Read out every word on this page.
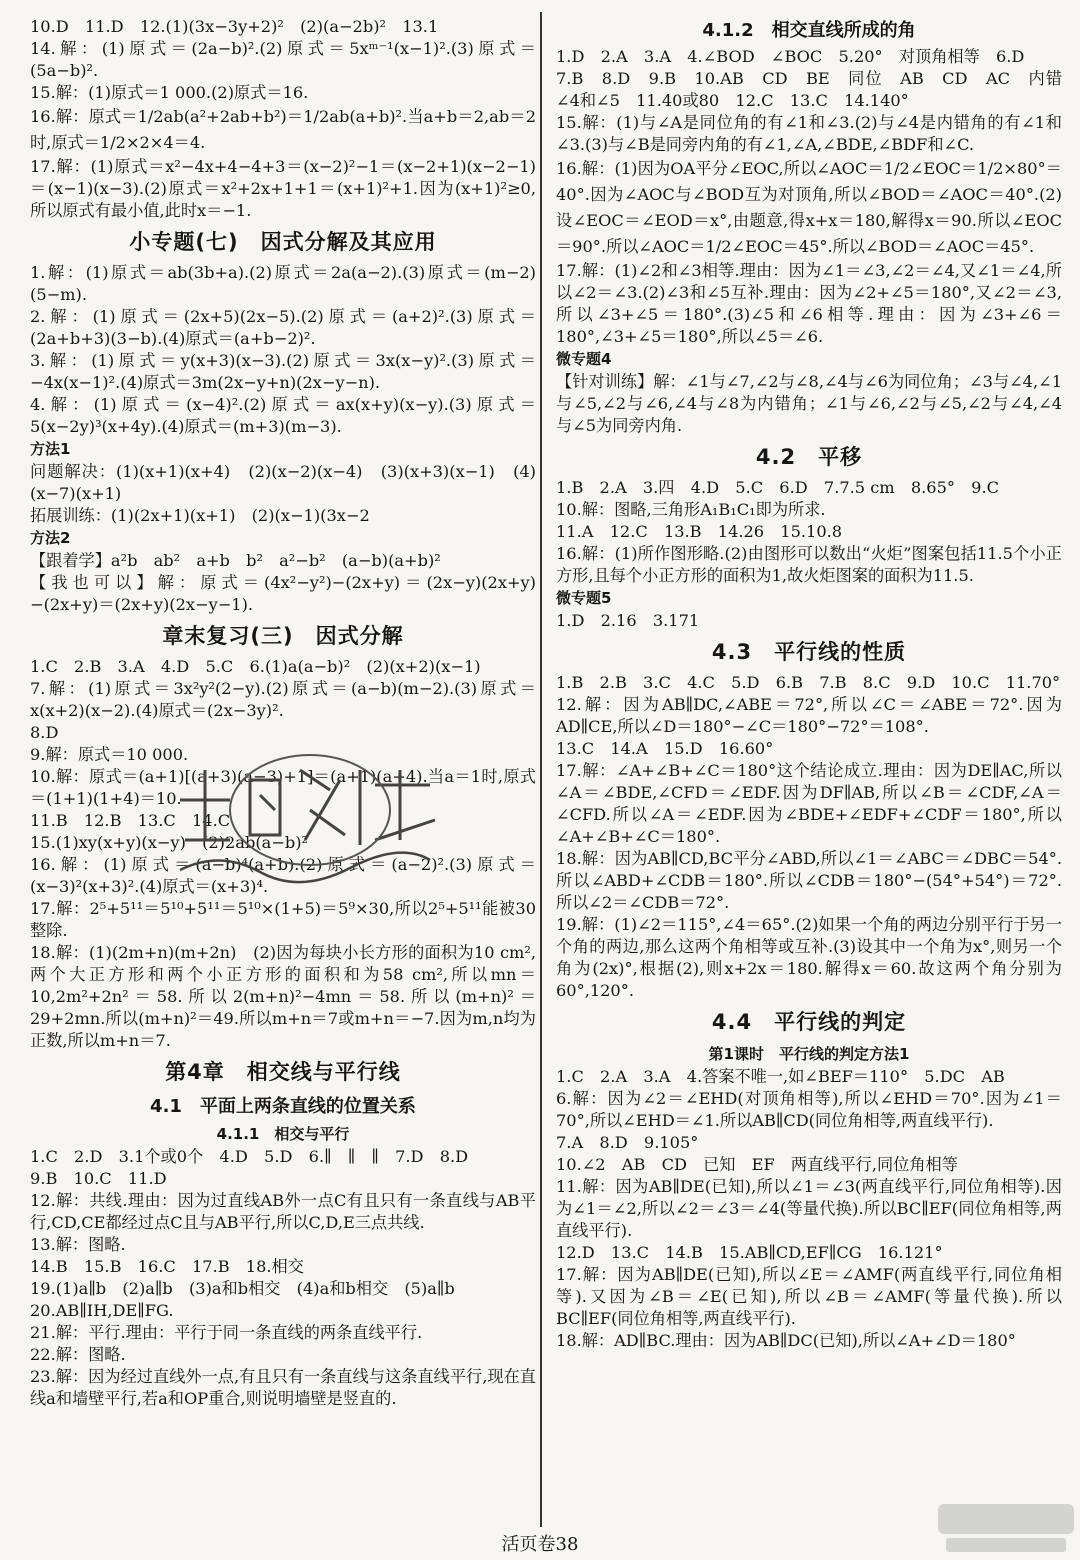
10.D　11.D　12.(1)(3x−3y+2)²　(2)(a−2b)²　13.1
14.解：(1)原式＝(2a−b)².(2)原式＝5xᵐ⁻¹(x−1)².(3)原式＝(5a−b)².
15.解：(1)原式＝1 000.(2)原式＝16.
16.解：原式＝1/2ab(a²+2ab+b²)＝1/2ab(a+b)².当a+b＝2,ab＝2时,原式＝1/2×2×4＝4.
17.解：(1)原式＝x²−4x+4−4+3＝(x−2)²−1＝(x−2+1)(x−2−1)＝(x−1)(x−3).(2)原式＝x²+2x+1+1＝(x+1)²+1.因为(x+1)²≥0,所以原式有最小值,此时x＝−1.
小专题(七)　因式分解及其应用
1.解：(1)原式＝ab(3b+a).(2)原式＝2a(a−2).(3)原式＝(m−2)(5−m).
2.解：(1)原式＝(2x+5)(2x−5).(2)原式＝(a+2)².(3)原式＝(2a+b+3)(3−b).(4)原式＝(a+b−2)².
3.解：(1)原式＝y(x+3)(x−3).(2)原式＝3x(x−y)².(3)原式＝−4x(x−1)².(4)原式＝3m(2x−y+n)(2x−y−n).
4.解：(1)原式＝(x−4)².(2)原式＝ax(x+y)(x−y).(3)原式＝5(x−2y)³(x+4y).(4)原式＝(m+3)(m−3).
方法1
问题解决：(1)(x+1)(x+4)　(2)(x−2)(x−4)　(3)(x+3)(x−1)　(4)(x−7)(x+1)
拓展训练：(1)(2x+1)(x+1)　(2)(x−1)(3x−2
方法2
【跟着学】a²b　ab²　a+b　b²　a²−b²　(a−b)(a+b)²
【我也可以】解：原式＝(4x²−y²)−(2x+y)＝(2x−y)(2x+y)−(2x+y)＝(2x+y)(2x−y−1).
章末复习(三)　因式分解
1.C　2.B　3.A　4.D　5.C　6.(1)a(a−b)²　(2)(x+2)(x−1)
7.解：(1)原式＝3x²y²(2−y).(2)原式＝(a−b)(m−2).(3)原式＝x(x+2)(x−2).(4)原式＝(2x−3y)².
8.D
9.解：原式＝10 000.
10.解：原式＝(a+1)[(a+3)(a−3)+1]＝(a+1)(a+4).当a＝1时,原式＝(1+1)(1+4)＝10.
11.B　12.B　13.C　14.C
15.(1)xy(x+y)(x−y)　(2)2ab(a−b)²
16.解：(1)原式＝(a−b)⁴(a+b).(2)原式＝(a−2)².(3)原式＝(x−3)²(x+3)².(4)原式＝(x+3)⁴.
17.解：2⁵+5¹¹＝5¹⁰+5¹¹＝5¹⁰×(1+5)＝5⁹×30,所以2⁵+5¹¹能被30整除.
18.解：(1)(2m+n)(m+2n)　(2)因为每块小长方形的面积为10 cm²,两个大正方形和两个小正方形的面积和为58 cm²,所以mn＝10,2m²+2n²＝58.所以2(m+n)²−4mn＝58.所以(m+n)²＝29+2mn.所以(m+n)²＝49.所以m+n＝7或m+n＝−7.因为m,n均为正数,所以m+n＝7.
第4章　相交线与平行线
4.1　平面上两条直线的位置关系
4.1.1　相交与平行
1.C　2.D　3.1个或0个　4.D　5.D　6.∥　∥　∥　7.D　8.D
9.B　10.C　11.D
12.解：共线.理由：因为过直线AB外一点C有且只有一条直线与AB平行,CD,CE都经过点C且与AB平行,所以C,D,E三点共线.
13.解：图略.
14.B　15.B　16.C　17.B　18.相交
19.(1)a∥b　(2)a∥b　(3)a和b相交　(4)a和b相交　(5)a∥b
20.AB∥IH,DE∥FG.
21.解：平行.理由：平行于同一条直线的两条直线平行.
22.解：图略.
23.解：因为经过直线外一点,有且只有一条直线与这条直线平行,现在直线a和墙壁平行,若a和OP重合,则说明墙壁是竖直的.
4.1.2　相交直线所成的角
1.D　2.A　3.A　4.∠BOD　∠BOC　5.20°　对顶角相等　6.D
7.B　8.D　9.B　10.AB　CD　BE　同位　AB　CD　AC　内错　∠4和∠5　11.40或80　12.C　13.C　14.140°
15.解：(1)与∠A是同位角的有∠1和∠3.(2)与∠4是内错角的有∠1和∠3.(3)与∠B是同旁内角的有∠1,∠A,∠BDE,∠BDF和∠C.
16.解：(1)因为OA平分∠EOC,所以∠AOC＝1/2∠EOC＝1/2×80°＝40°.因为∠AOC与∠BOD互为对顶角,所以∠BOD＝∠AOC＝40°.(2)设∠EOC＝∠EOD＝x°,由题意,得x+x＝180,解得x＝90.所以∠EOC＝90°.所以∠AOC＝1/2∠EOC＝45°.所以∠BOD＝∠AOC＝45°.
17.解：(1)∠2和∠3相等.理由：因为∠1＝∠3,∠2＝∠4,又∠1＝∠4,所以∠2＝∠3.(2)∠3和∠5互补.理由：因为∠2+∠5＝180°,又∠2＝∠3,所以∠3+∠5＝180°.(3)∠5和∠6相等.理由：因为∠3+∠6＝180°,∠3+∠5＝180°,所以∠5＝∠6.
微专题4
【针对训练】解：∠1与∠7,∠2与∠8,∠4与∠6为同位角；∠3与∠4,∠1与∠5,∠2与∠6,∠4与∠8为内错角；∠1与∠6,∠2与∠5,∠2与∠4,∠4与∠5为同旁内角.
4.2　平移
1.B　2.A　3.四　4.D　5.C　6.D　7.7.5 cm　8.65°　9.C
10.解：图略,三角形A₁B₁C₁即为所求.
11.A　12.C　13.B　14.26　15.10.8
16.解：(1)所作图形略.(2)由图形可以数出“火炬”图案包括11.5个小正方形,且每个小正方形的面积为1,故火炬图案的面积为11.5.
微专题5
1.D　2.16　3.171
4.3　平行线的性质
1.B　2.B　3.C　4.C　5.D　6.B　7.B　8.C　9.D　10.C　11.70°
12.解：因为AB∥DC,∠ABE＝72°,所以∠C＝∠ABE＝72°.因为AD∥CE,所以∠D＝180°−∠C＝180°−72°＝108°.
13.C　14.A　15.D　16.60°
17.解：∠A+∠B+∠C＝180°这个结论成立.理由：因为DE∥AC,所以∠A＝∠BDE,∠CFD＝∠EDF.因为DF∥AB,所以∠B＝∠CDF,∠A＝∠CFD.所以∠A＝∠EDF.因为∠BDE+∠EDF+∠CDF＝180°,所以∠A+∠B+∠C＝180°.
18.解：因为AB∥CD,BC平分∠ABD,所以∠1＝∠ABC＝∠DBC＝54°.所以∠ABD+∠CDB＝180°.所以∠CDB＝180°−(54°+54°)＝72°.所以∠2＝∠CDB＝72°.
19.解：(1)∠2＝115°,∠4＝65°.(2)如果一个角的两边分别平行于另一个角的两边,那么这两个角相等或互补.(3)设其中一个角为x°,则另一个角为(2x)°,根据(2),则x+2x＝180.解得x＝60.故这两个角分别为60°,120°.
4.4　平行线的判定
第1课时　平行线的判定方法1
1.C　2.A　3.A　4.答案不唯一,如∠BEF＝110°　5.DC　AB
6.解：因为∠2＝∠EHD(对顶角相等),所以∠EHD＝70°.因为∠1＝70°,所以∠EHD＝∠1.所以AB∥CD(同位角相等,两直线平行).
7.A　8.D　9.105°
10.∠2　AB　CD　已知　EF　两直线平行,同位角相等
11.解：因为AB∥DE(已知),所以∠1＝∠3(两直线平行,同位角相等).因为∠1＝∠2,所以∠2＝∠3＝∠4(等量代换).所以BC∥EF(同位角相等,两直线平行).
12.D　13.C　14.B　15.AB∥CD,EF∥CG　16.121°
17.解：因为AB∥DE(已知),所以∠E＝∠AMF(两直线平行,同位角相等).又因为∠B＝∠E(已知),所以∠B＝∠AMF(等量代换).所以BC∥EF(同位角相等,两直线平行).
18.解：AD∥BC.理由：因为AB∥DC(已知),所以∠A+∠D＝180°
活页卷38
